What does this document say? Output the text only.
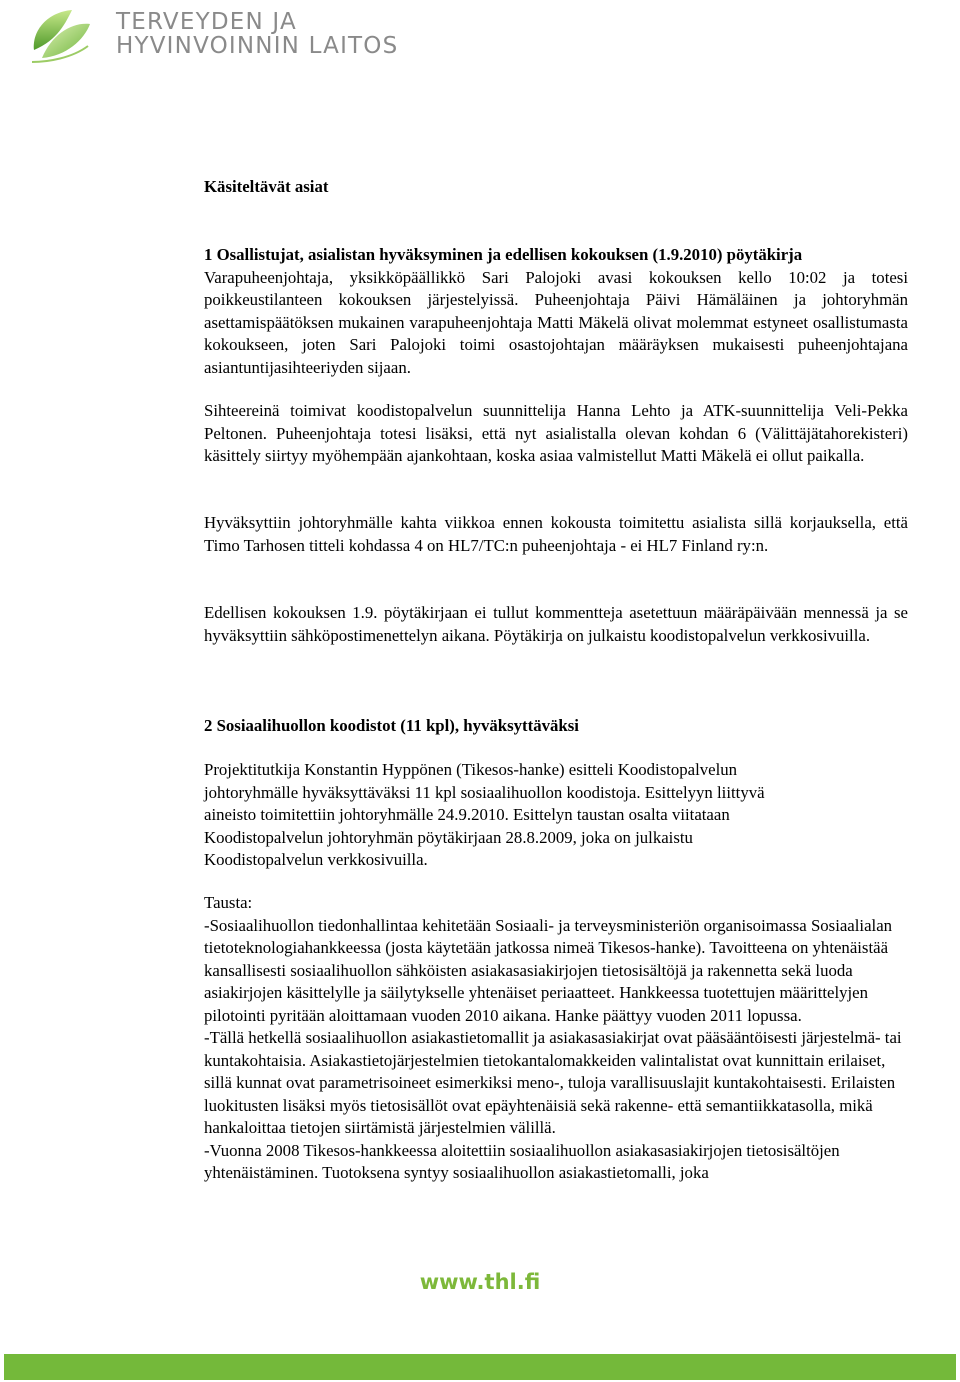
TERVEYDEN JA
HYVINVOINNIN LAITOS
7/2010	2(22)
Pöytäkirja
1.10.2010
Käsiteltävät asiat
1 Osallistujat, asialistan hyväksyminen ja edellisen kokouksen (1.9.2010) pöytäkirja

Varapuheenjohtaja, yksikköpäällikkö Sari Palojoki avasi kokouksen kello 10:02 ja totesi poikkeustilanteen kokouksen järjestelyissä. Puheenjohtaja Päivi Hämäläinen ja johtoryhmän asettamispäätöksen mukainen varapuheenjohtaja Matti Mäkelä olivat molemmat estyneet osallistumasta kokoukseen, joten Sari Palojoki toimi osastojohtajan määräyksen mukaisesti puheenjohtajana asiantuntijasihteeriyden sijaan.

Sihteereinä toimivat koodistopalvelun suunnittelija Hanna Lehto ja ATK-suunnittelija Veli-Pekka Peltonen. Puheenjohtaja totesi lisäksi, että nyt asialistalla olevan kohdan 6 (Välittäjätahorekisteri) käsittely siirtyy myöhempään ajankohtaan, koska asiaa valmistellut Matti Mäkelä ei ollut paikalla.

Hyväksyttiin johtoryhmälle kahta viikkoa ennen kokousta toimitettu asialista sillä korjauksella, että Timo Tarhosen titteli kohdassa 4 on HL7/TC:n puheenjohtaja - ei HL7 Finland ry:n.

Edellisen kokouksen 1.9. pöytäkirjaan ei tullut kommentteja asetettuun määräpäivään mennessä ja se hyväksyttiin sähköpostimenettelyn aikana. Pöytäkirja on julkaistu koodistopalvelun verkkosivuilla.

2 Sosiaalihuollon koodistot (11 kpl), hyväksyttäväksi

Projektitutkija Konstantin Hyppönen (Tikesos-hanke) esitteli Koodistopalvelun johtoryhmälle hyväksyttäväksi 11 kpl sosiaalihuollon koodistoja. Esittelyyn liittyvä aineisto toimitettiin johtoryhmälle 24.9.2010. Esittelyn taustan osalta viitataan Koodistopalvelun johtoryhmän pöytäkirjaan 28.8.2009, joka on julkaistu Koodistopalvelun verkkosivuilla.

Tausta:

-Sosiaalihuollon tiedonhallintaa kehitetään Sosiaali- ja terveysministeriön organisoimassa Sosiaalialan tietoteknologiahankkeessa (josta käytetään jatkossa nimeä Tikesos-hanke). Tavoitteena on yhtenäistää kansallisesti sosiaalihuollon sähköisten asiakasasiakirjojen tietosisältöjä ja rakennetta sekä luoda asiakirjojen käsittelylle ja säilytykselle yhtenäiset periaatteet. Hankkeessa tuotettujen määrittelyjen pilotointi pyritään aloittamaan vuoden 2010 aikana. Hanke päättyy vuoden 2011 lopussa.

-Tällä hetkellä sosiaalihuollon asiakastietomallit ja asiakasasiakirjat ovat pääsääntöisesti järjestelmä- tai kuntakohtaisia. Asiakastietojärjestelmien tietokantalomakkeiden valintalistat ovat kunnittain erilaiset, sillä kunnat ovat parametrisoineet esimerkiksi meno-, tuloja varallisuuslajit kuntakohtaisesti. Erilaisten luokitusten lisäksi myös tietosisällöt ovat epäyhtenäisiä sekä rakenne- että semantiikkatasolla, mikä hankaloittaa tietojen siirtämistä järjestelmien välillä.

-Vuonna 2008 Tikesos-hankkeessa aloitettiin sosiaalihuollon asiakasasiakirjojen tietosisältöjen yhtenäistäminen. Tuotoksena syntyy sosiaalihuollon asiakastietomalli, joka

www.thl.fi
Terveyden ja hyvinvoinnin laitos • Institutet för hälsa och välfärd • National Institute for Health and Welfare
Mannerheimintie 166, Helsinki, Finland PL/PB/P.O. Box 30, FI-00271 Helsinki, puh/tel +358 20 610 6000
